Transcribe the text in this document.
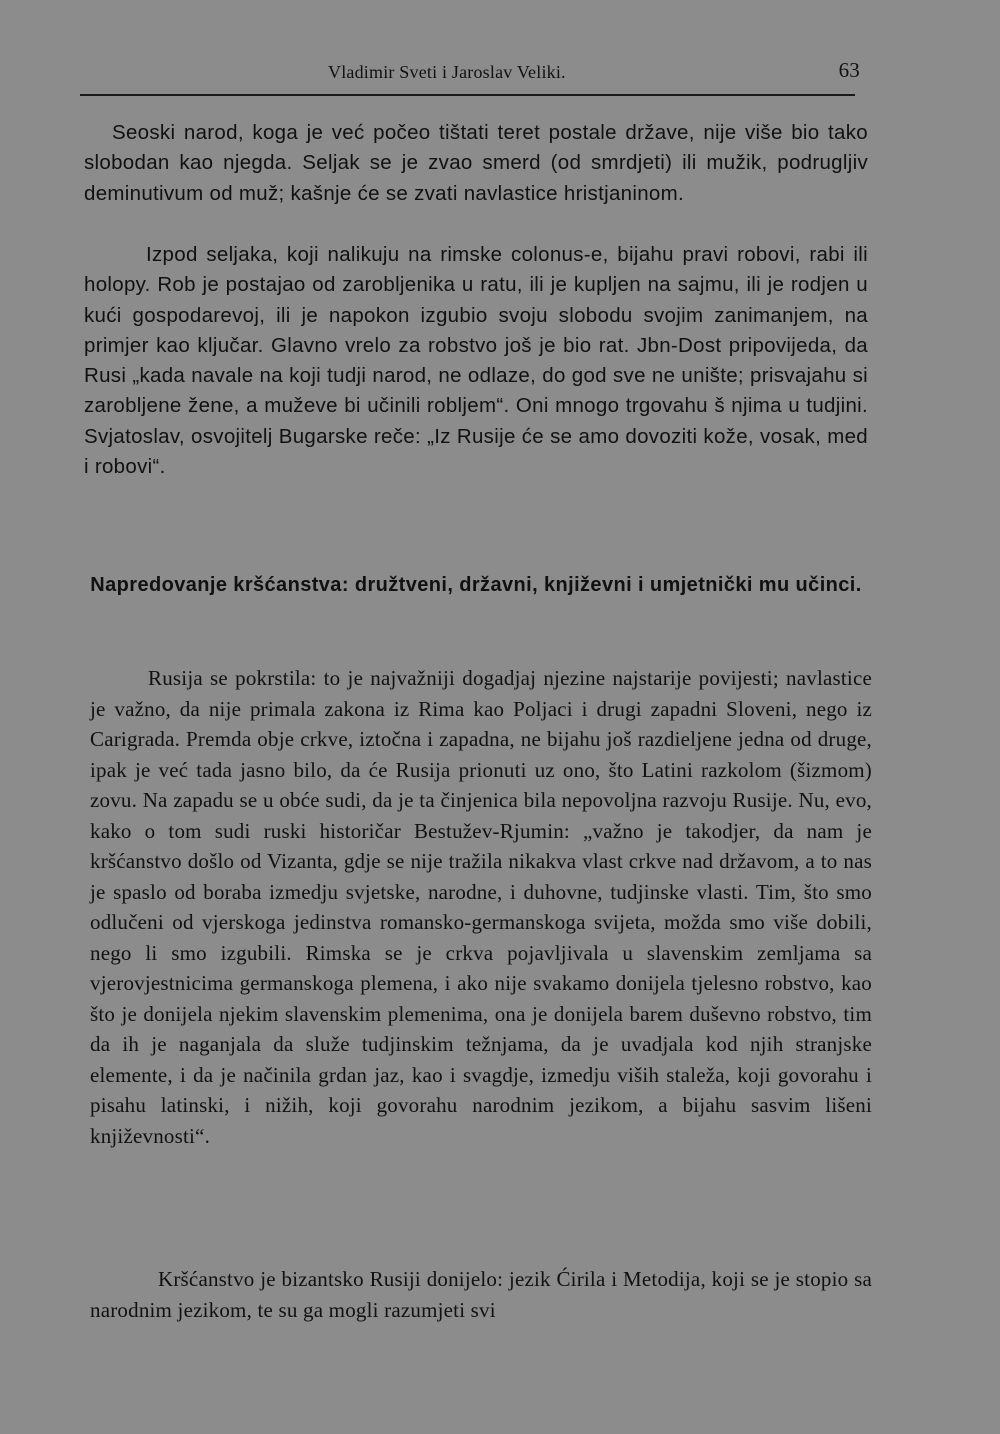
Vladimir Sveti i Jaroslav Veliki.	63

Seoski narod, koga je već počeo tištati teret postale države, nije više bio tako slobodan kao njegda. Seljak se je zvao smerd (od smrdjeti) ili mužik, podrugljiv deminutivum od muž; kašnje će se zvati navlastice hristjaninom.

Izpod seljaka, koji nalikuju na rimske colonus-e, bijahu pravi robovi, rabi ili holopy. Rob je postajao od zarobljenika u ratu, ili je kupljen na sajmu, ili je rodjen u kući gospodarevoj, ili je napokon izgubio svoju slobodu svojim zanimanjem, na primjer kao ključar. Glavno vrelo za robstvo još je bio rat. Jbn-Dost pripovijeda, da Rusi „kada navale na koji tudji narod, ne odlaze, do god sve ne unište; prisvajahu si zarobljene žene, a muževe bi učinili robljem“. Oni mnogo trgovahu š njima u tudjini. Svjatoslav, osvojitelj Bugarske reče: „Iz Rusije će se amo dovoziti kože, vosak, med i robovi“.

Napredovanje kršćanstva: družtveni, državni, književni i umjetnički mu učinci.

Rusija se pokrstila: to je najvažniji dogadjaj njezine najstarije povijesti; navlastice je važno, da nije primala zakona iz Rima kao Poljaci i drugi zapadni Sloveni, nego iz Carigrada. Premda obje crkve, iztočna i zapadna, ne bijahu još razdieljene jedna od druge, ipak je već tada jasno bilo, da će Rusija prionuti uz ono, što Latini razkolom (šizmom) zovu. Na zapadu se u obće sudi, da je ta činjenica bila nepovoljna razvoju Rusije. Nu, evo, kako o tom sudi ruski historičar Bestužev-Rjumin: „važno je takodjer, da nam je kršćanstvo došlo od Vizanta, gdje se nije tražila nikakva vlast crkve nad državom, a to nas je spaslo od boraba izmedju svjetske, narodne, i duhovne, tudjinske vlasti. Tim, što smo odlučeni od vjerskoga jedinstva romansko-germanskoga svijeta, možda smo više dobili, nego li smo izgubili. Rimska se je crkva pojavljivala u slavenskim zemljama sa vjerovjestnicima germanskoga plemena, i ako nije svakamo donijela tjelesno robstvo, kao što je donijela njekim slavenskim plemenima, ona je donijela barem duševno robstvo, tim da ih je naganjala da služe tudjinskim težnjama, da je uvadjala kod njih stranjske elemente, i da je načinila grdan jaz, kao i svagdje, izmedju viših staleža, koji govorahu i pisahu latinski, i nižih, koji govorahu narodnim jezikom, a bijahu sasvim lišeni književnosti“.

Kršćanstvo je bizantsko Rusiji donijelo: jezik Ćirila i Metodija, koji se je stopio sa narodnim jezikom, te su ga mogli razumjeti svi
